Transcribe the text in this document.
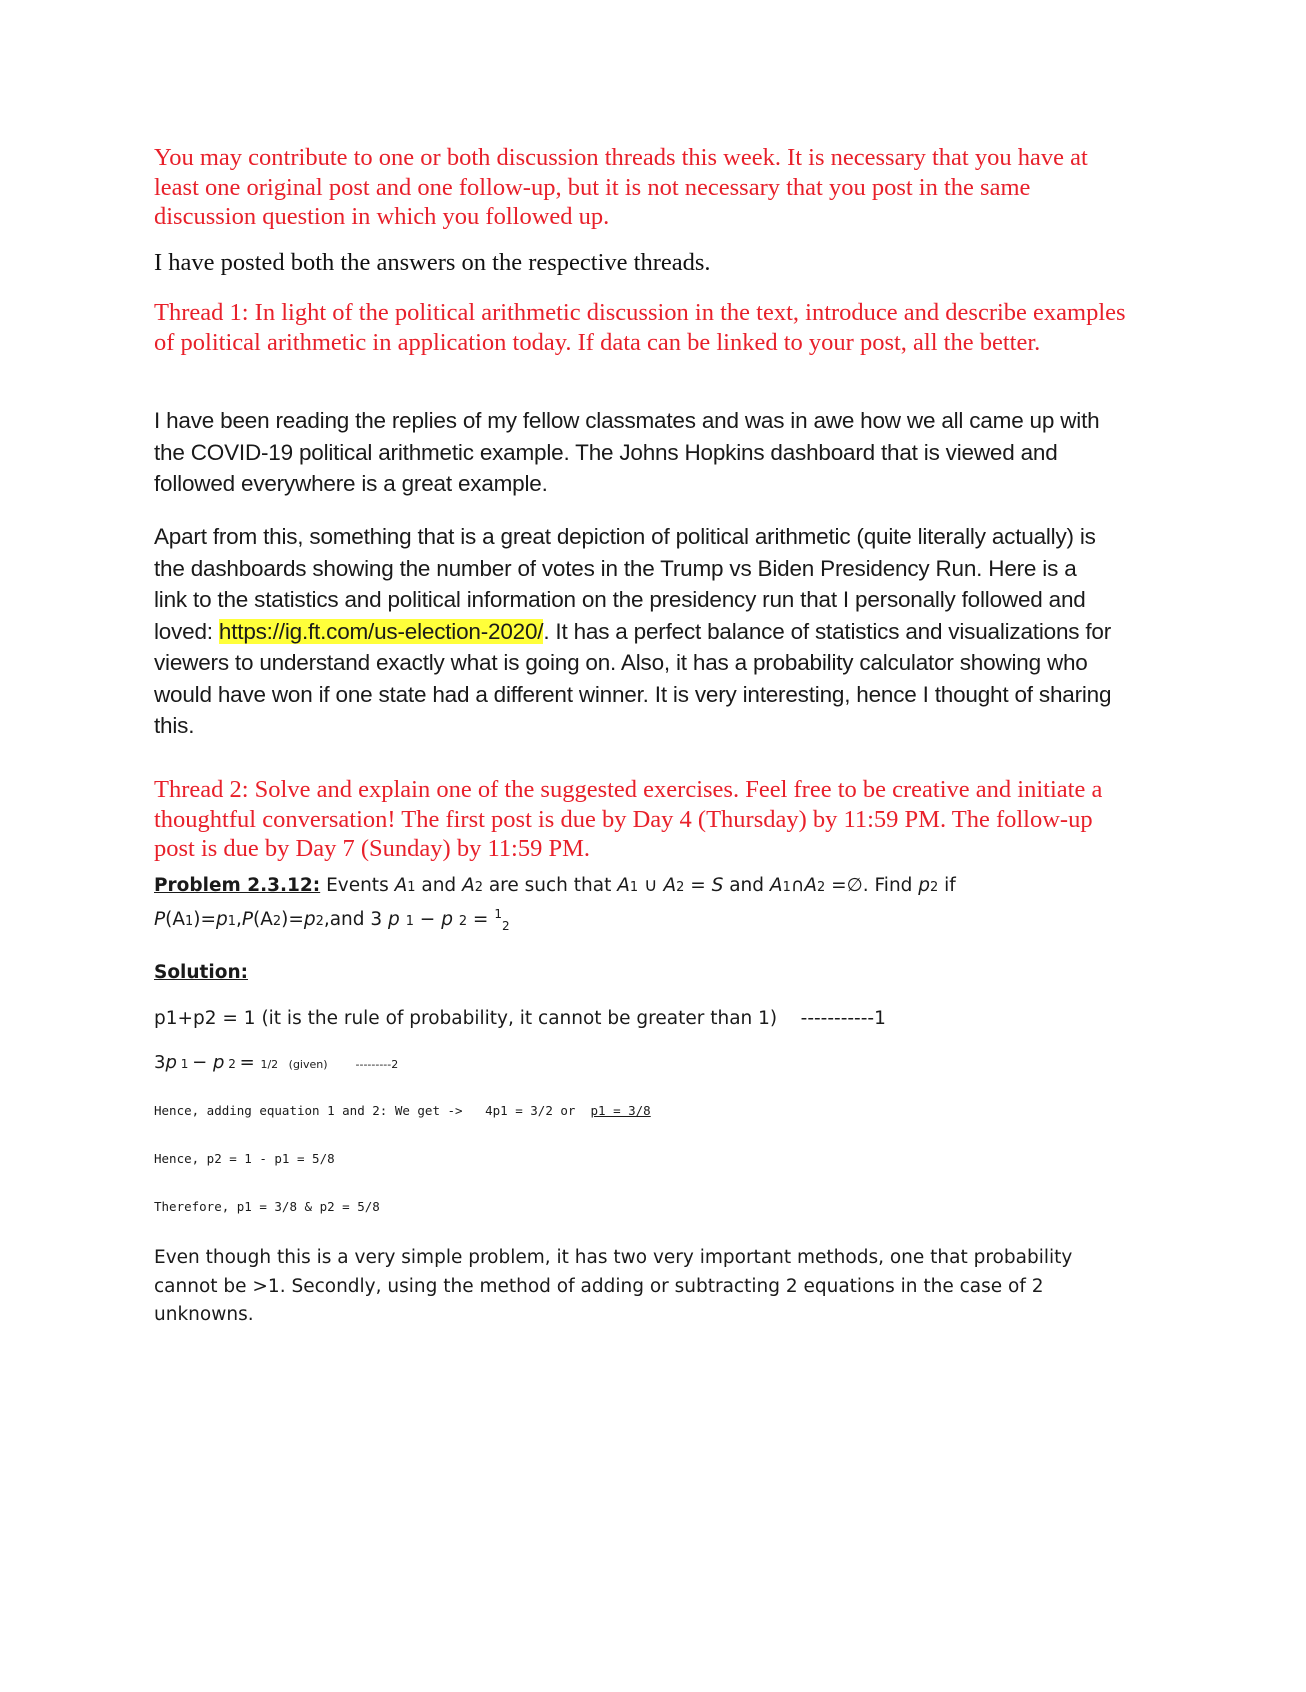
You may contribute to one or both discussion threads this week. It is necessary that you have at least one original post and one follow-up, but it is not necessary that you post in the same discussion question in which you followed up.

I have posted both the answers on the respective threads.

Thread 1: In light of the political arithmetic discussion in the text, introduce and describe examples of political arithmetic in application today. If data can be linked to your post, all the better.

I have been reading the replies of my fellow classmates and was in awe how we all came up with the COVID-19 political arithmetic example. The Johns Hopkins dashboard that is viewed and followed everywhere is a great example.

Apart from this, something that is a great depiction of political arithmetic (quite literally actually) is the dashboards showing the number of votes in the Trump vs Biden Presidency Run. Here is a link to the statistics and political information on the presidency run that I personally followed and loved: https://ig.ft.com/us-election-2020/. It has a perfect balance of statistics and visualizations for viewers to understand exactly what is going on. Also, it has a probability calculator showing who would have won if one state had a different winner. It is very interesting, hence I thought of sharing this.

Thread 2: Solve and explain one of the suggested exercises. Feel free to be creative and initiate a thoughtful conversation! The first post is due by Day 4 (Thursday) by 11:59 PM. The follow-up post is due by Day 7 (Sunday) by 11:59 PM.

Problem 2.3.12: Events A1 and A2 are such that A1 ∪ A2 = S and A1∩A2 =∅. Find p2 if
P(A1)=p1,P(A2)=p2,and 3 p 1 − p 2 = $^1_2$

Solution:

p1+p2 = 1 (it is the rule of probability, it cannot be greater than 1)    -----------1

3p 1 − p 2 = 1/2   (given)        ---------2

Hence, adding equation 1 and 2: We get ->   4p1 = 3/2 or  p1 = 3/8

Hence, p2 = 1 - p1 = 5/8

Therefore, p1 = 3/8 & p2 = 5/8

Even though this is a very simple problem, it has two very important methods, one that probability cannot be >1. Secondly, using the method of adding or subtracting 2 equations in the case of 2 unknowns.
